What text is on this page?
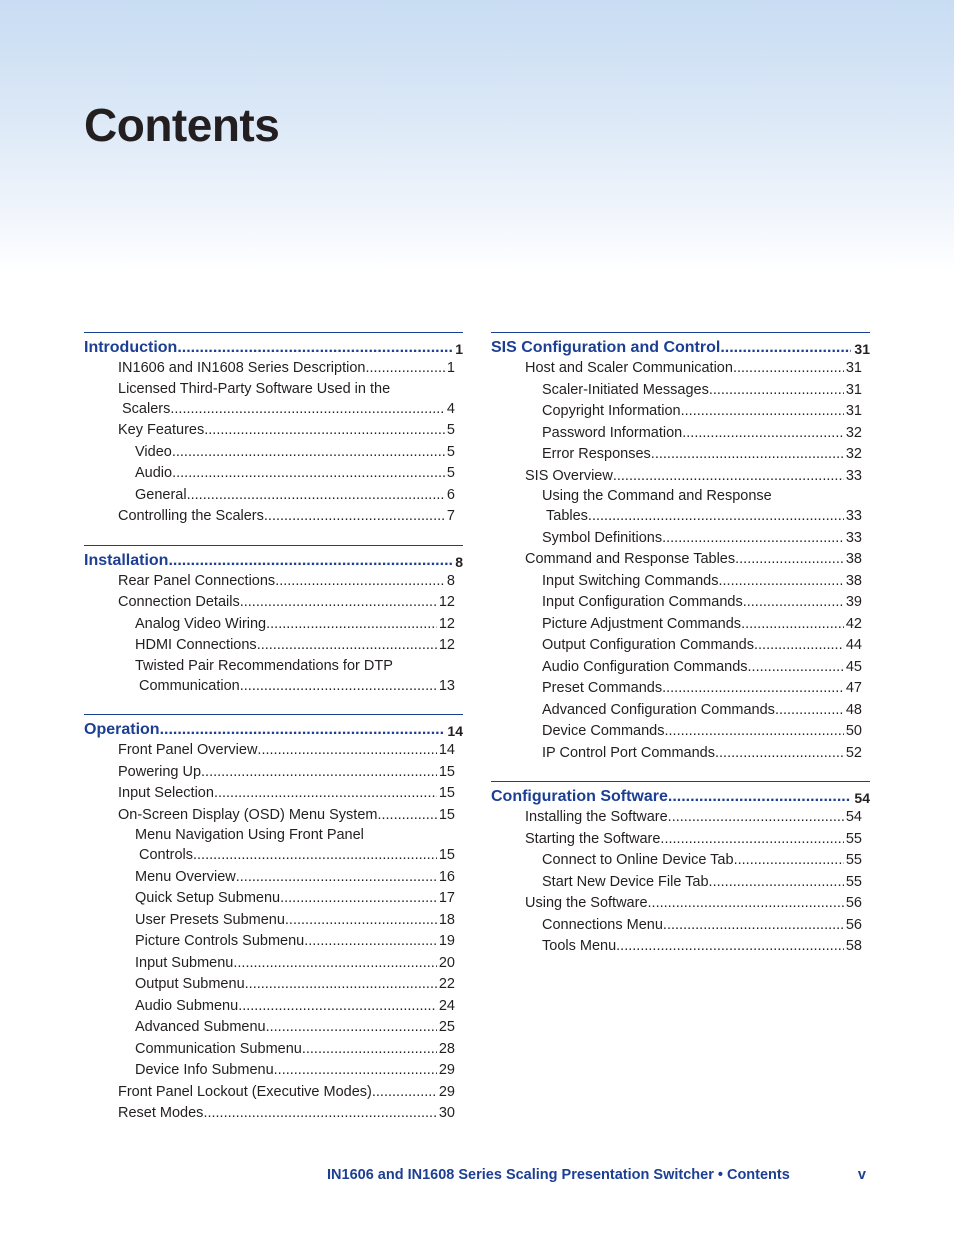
Contents
Introduction .....	1
IN1606 and IN1608 Series Description .....	1
Licensed Third-Party Software Used in the
Scalers .....	4
Key Features .....	5
Video .....	5
Audio .....	5
General .....	6
Controlling the Scalers .....	7
Installation .....	8
Rear Panel Connections .....	8
Connection Details .....	12
Analog Video Wiring .....	12
HDMI Connections .....	12
Twisted Pair Recommendations for DTP
Communication .....	13
Operation .....	14
Front Panel Overview .....	14
Powering Up .....	15
Input Selection .....	15
On-Screen Display (OSD) Menu System .....	15
Menu Navigation Using Front Panel
Controls .....	15
Menu Overview .....	16
Quick Setup Submenu .....	17
User Presets Submenu .....	18
Picture Controls Submenu .....	19
Input Submenu .....	20
Output Submenu .....	22
Audio Submenu .....	24
Advanced Submenu .....	25
Communication Submenu .....	28
Device Info Submenu .....	29
Front Panel Lockout (Executive Modes) .....	29
Reset Modes .....	30
SIS Configuration and Control .....	31
Host and Scaler Communication .....	31
Scaler-Initiated Messages .....	31
Copyright Information .....	31
Password Information .....	32
Error Responses .....	32
SIS Overview .....	33
Using the Command and Response
Tables .....	33
Symbol Definitions .....	33
Command and Response Tables .....	38
Input Switching Commands .....	38
Input Configuration Commands .....	39
Picture Adjustment Commands .....	42
Output Configuration Commands .....	44
Audio Configuration Commands .....	45
Preset Commands .....	47
Advanced Configuration Commands .....	48
Device Commands .....	50
IP Control Port Commands .....	52
Configuration Software .....	54
Installing the Software .....	54
Starting the Software .....	55
Connect to Online Device Tab .....	55
Start New Device File Tab .....	55
Using the Software .....	56
Connections Menu .....	56
Tools Menu .....	58
IN1606 and IN1608 Series Scaling Presentation Switcher • Contents	v
